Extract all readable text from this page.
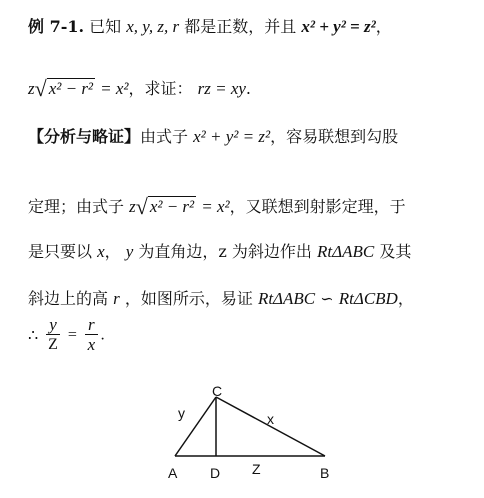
例 7-1. 已知 x, y, z, r 都是正数，并且 x² + y² = z²，
z√ x² − r² = x²，求证： rz = xy.
【分析与略证】由式子 x² + y² = z²，容易联想到勾股
定理；由式子 z√ x² − r² = x²，又联想到射影定理，于
是只要以 x， y 为直角边，z 为斜边作出 RtΔABC 及其
斜边上的高 r ，如图所示，易证 RtΔABC ∽ RtΔCBD，
∴ $\frac{y}{Z} = \frac{r}{x}$ .
C
A D	B
y	x
Z
